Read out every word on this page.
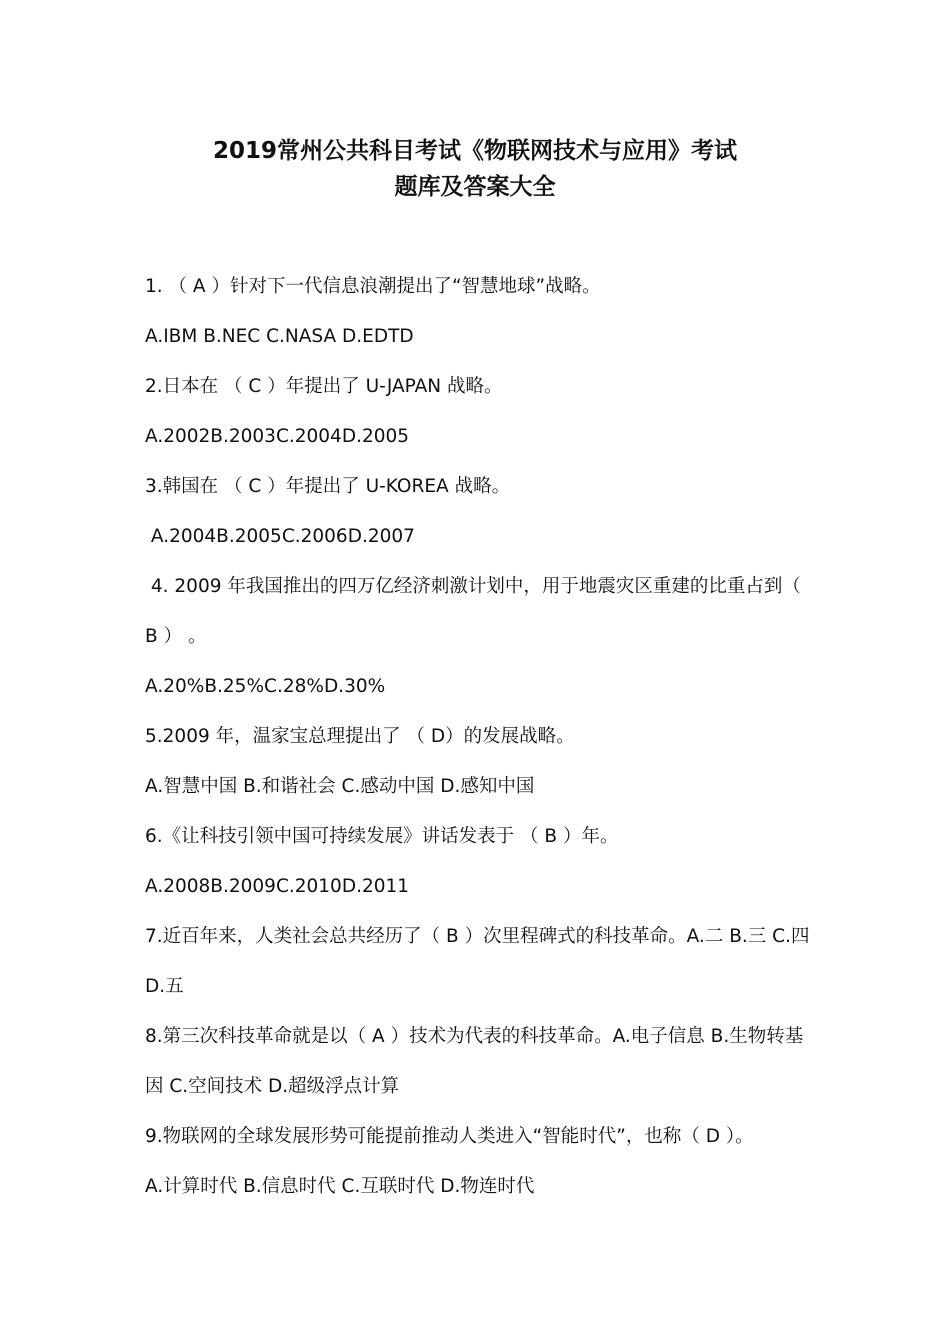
2019常州公共科目考试《物联网技术与应用》考试
题库及答案大全

1. （ A ）针对下一代信息浪潮提出了“智慧地球”战略。

A.IBM B.NEC C.NASA D.EDTD

2.日本在 （ C ）年提出了 U-JAPAN 战略。

A.2002B.2003C.2004D.2005

3.韩国在 （ C ）年提出了 U-KOREA 战略。

A.2004B.2005C.2006D.2007

4. 2009 年我国推出的四万亿经济刺激计划中，用于地震灾区重建的比重占到（

B ） 。

A.20%B.25%C.28%D.30%

5.2009 年，温家宝总理提出了 （ D）的发展战略。

A.智慧中国 B.和谐社会 C.感动中国 D.感知中国

6.《让科技引领中国可持续发展》讲话发表于 （ B ）年。

A.2008B.2009C.2010D.2011

7.近百年来，人类社会总共经历了（ B ）次里程碑式的科技革命。A.二 B.三 C.四

D.五

8.第三次科技革命就是以（ A ）技术为代表的科技革命。A.电子信息 B.生物转基

因 C.空间技术 D.超级浮点计算

9.物联网的全球发展形势可能提前推动人类进入“智能时代”，也称（ D ）。

A.计算时代 B.信息时代 C.互联时代 D.物连时代
